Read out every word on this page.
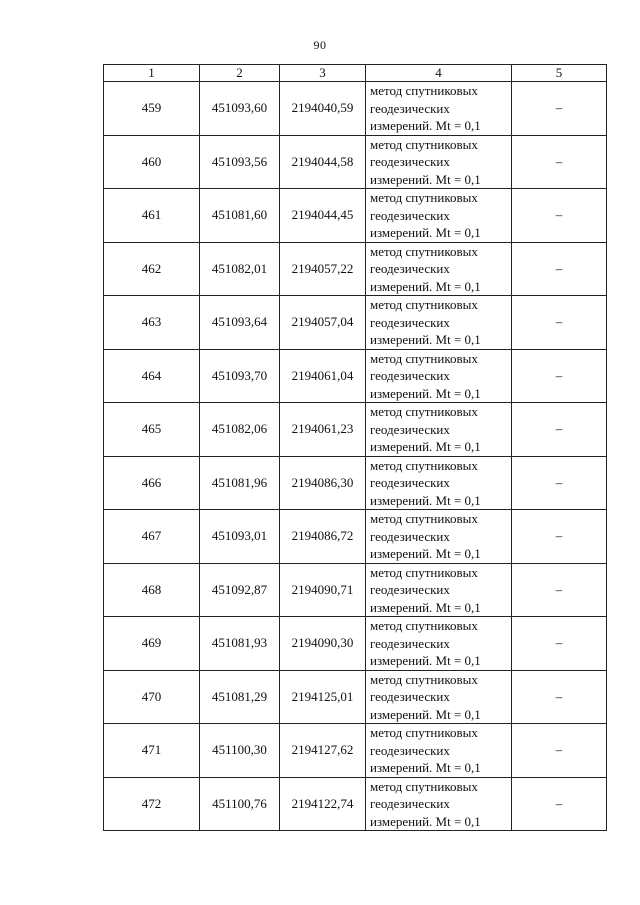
90
1	2	3	4	5
459	451093,60	2194040,59	метод спутниковых
геодезических
измерений. Mt = 0,1	–
460	451093,56	2194044,58	метод спутниковых
геодезических
измерений. Mt = 0,1	–
461	451081,60	2194044,45	метод спутниковых
геодезических
измерений. Mt = 0,1	–
462	451082,01	2194057,22	метод спутниковых
геодезических
измерений. Mt = 0,1	–
463	451093,64	2194057,04	метод спутниковых
геодезических
измерений. Mt = 0,1	–
464	451093,70	2194061,04	метод спутниковых
геодезических
измерений. Mt = 0,1	–
465	451082,06	2194061,23	метод спутниковых
геодезических
измерений. Mt = 0,1	–
466	451081,96	2194086,30	метод спутниковых
геодезических
измерений. Mt = 0,1	–
467	451093,01	2194086,72	метод спутниковых
геодезических
измерений. Mt = 0,1	–
468	451092,87	2194090,71	метод спутниковых
геодезических
измерений. Mt = 0,1	–
469	451081,93	2194090,30	метод спутниковых
геодезических
измерений. Mt = 0,1	–
470	451081,29	2194125,01	метод спутниковых
геодезических
измерений. Mt = 0,1	–
471	451100,30	2194127,62	метод спутниковых
геодезических
измерений. Mt = 0,1	–
472	451100,76	2194122,74	метод спутниковых
геодезических
измерений. Mt = 0,1	–
